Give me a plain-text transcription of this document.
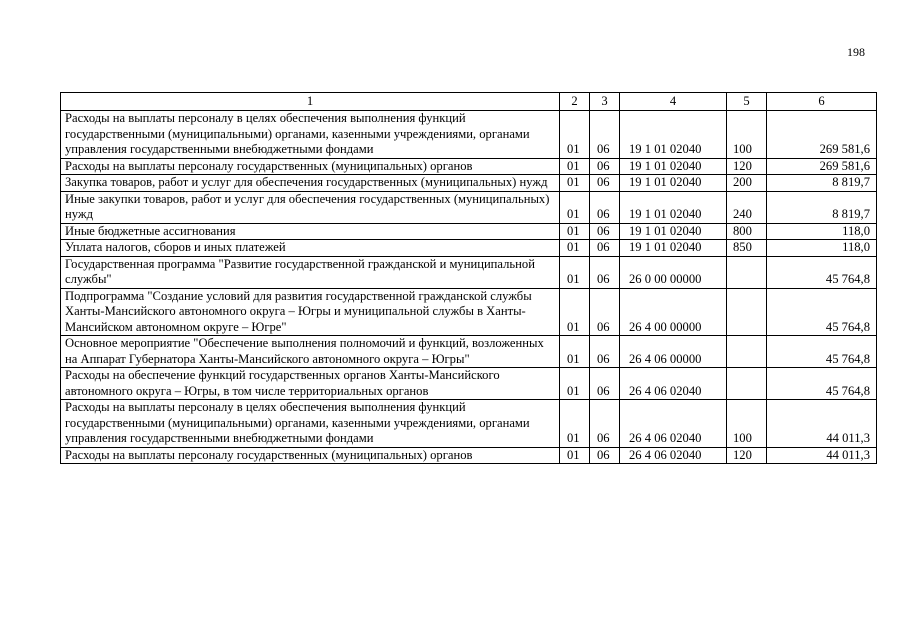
198
1	2	3	4	5	6
Расходы на выплаты персоналу в целях обеспечения выполнения функций государственными (муниципальными) органами, казенными учреждениями, органами управления государственными внебюджетными фондами	01	06	19 1 01 02040	100	269 581,6
Расходы на выплаты персоналу государственных (муниципальных) органов	01	06	19 1 01 02040	120	269 581,6
Закупка товаров, работ и услуг для обеспечения государственных (муниципальных) нужд	01	06	19 1 01 02040	200	8 819,7
Иные закупки товаров, работ и услуг для обеспечения государственных (муниципальных) нужд	01	06	19 1 01 02040	240	8 819,7
Иные бюджетные ассигнования	01	06	19 1 01 02040	800	118,0
Уплата налогов, сборов и иных платежей	01	06	19 1 01 02040	850	118,0
Государственная программа "Развитие государственной гражданской и муниципальной службы"	01	06	26 0 00 00000		45 764,8
Подпрограмма "Создание условий для развития государственной гражданской службы Ханты-Мансийского автономного округа – Югры и муниципальной службы в Ханты-Мансийском автономном округе – Югре"	01	06	26 4 00 00000		45 764,8
Основное мероприятие "Обеспечение выполнения полномочий и функций, возложенных на Аппарат Губернатора Ханты-Мансийского автономного округа – Югры"	01	06	26 4 06 00000		45 764,8
Расходы на обеспечение функций государственных органов Ханты-Мансийского автономного округа – Югры, в том числе территориальных органов	01	06	26 4 06 02040		45 764,8
Расходы на выплаты персоналу в целях обеспечения выполнения функций государственными (муниципальными) органами, казенными учреждениями, органами управления государственными внебюджетными фондами	01	06	26 4 06 02040	100	44 011,3
Расходы на выплаты персоналу государственных (муниципальных) органов	01	06	26 4 06 02040	120	44 011,3
